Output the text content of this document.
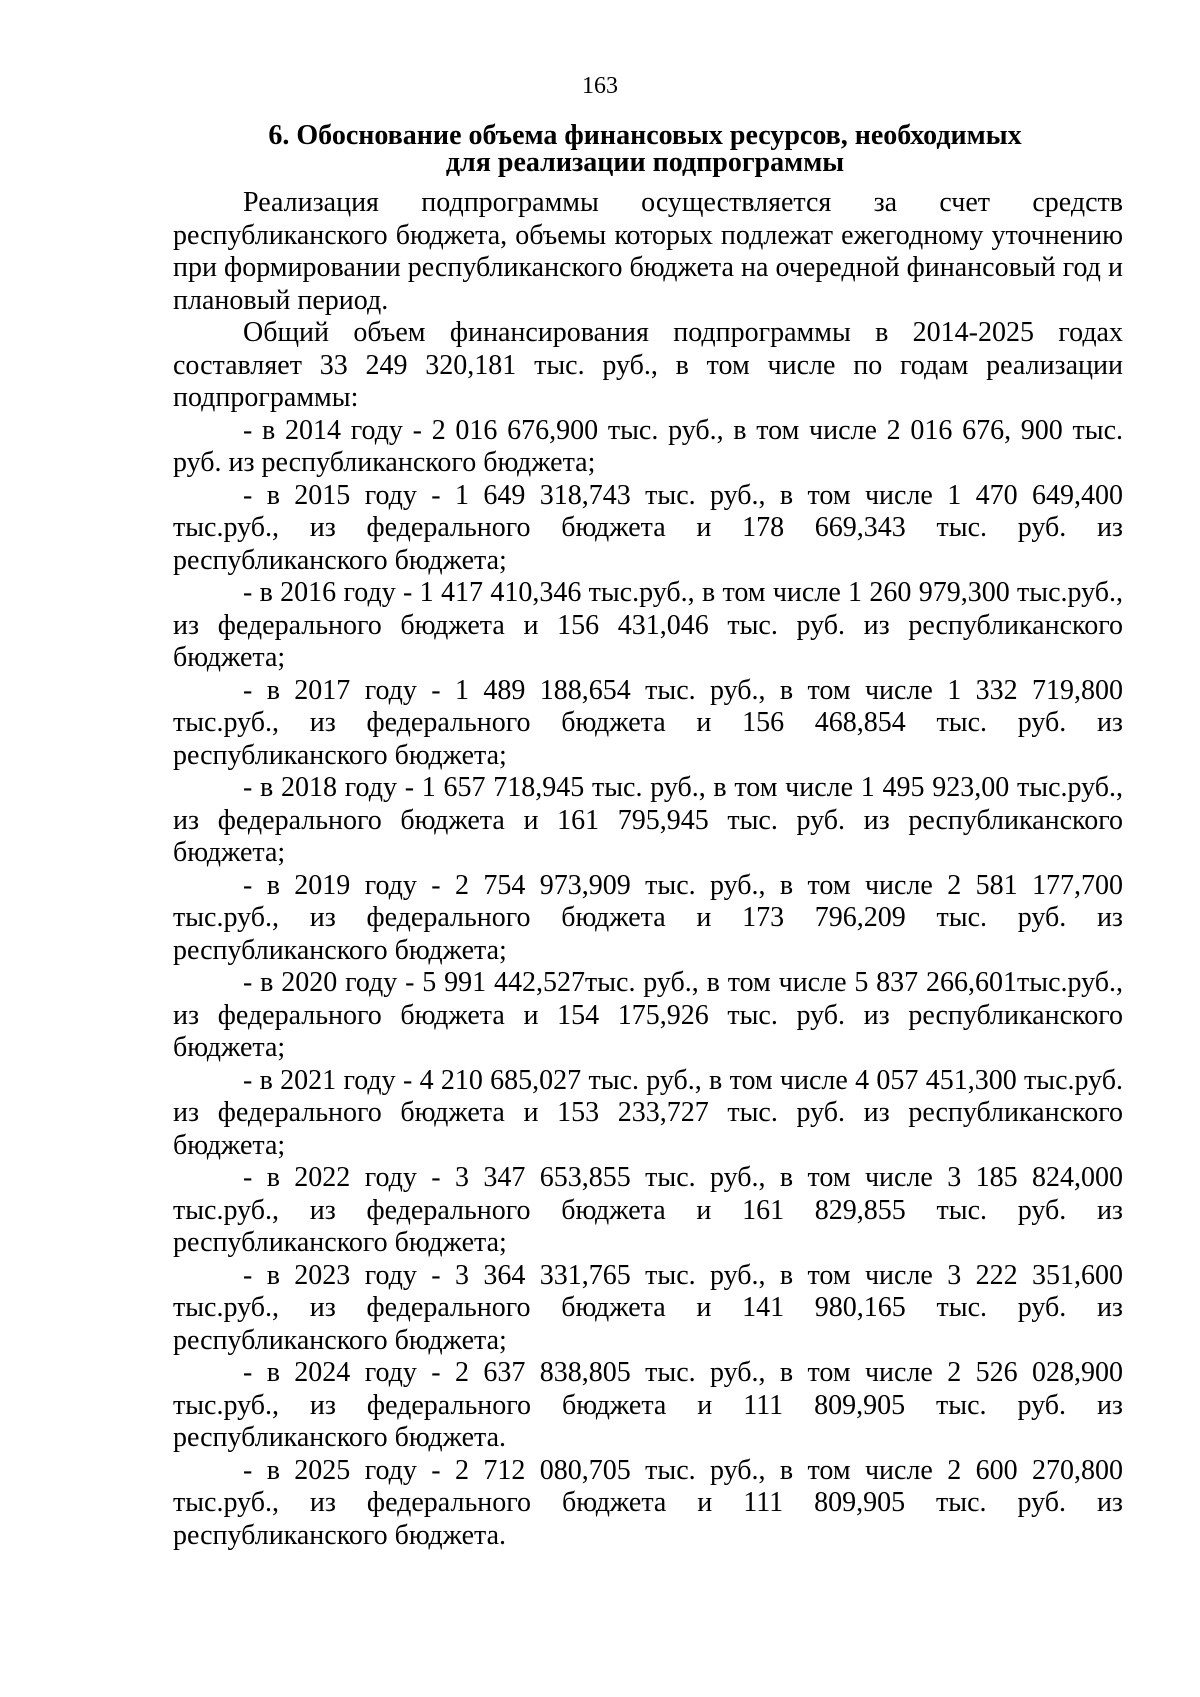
163
6. Обоснование объема финансовых ресурсов, необходимых
для реализации подпрограммы

Реализация подпрограммы осуществляется за счет средств республиканского бюджета, объемы которых подлежат ежегодному уточнению при формировании республиканского бюджета на очередной финансовый год и плановый период.

Общий объем финансирования подпрограммы в 2014-2025 годах составляет 33 249 320,181 тыс. руб., в том числе по годам реализации подпрограммы:

- в 2014 году - 2 016 676,900 тыс. руб., в том числе 2 016 676, 900 тыс. руб. из республиканского бюджета;

- в 2015 году - 1 649 318,743 тыс. руб., в том числе 1 470 649,400 тыс.руб., из федерального бюджета и 178 669,343 тыс. руб. из республиканского бюджета;

- в 2016 году - 1 417 410,346 тыс.руб., в том числе 1 260 979,300 тыс.руб., из федерального бюджета и 156 431,046 тыс. руб. из республиканского бюджета;

- в 2017 году - 1 489 188,654 тыс. руб., в том числе 1 332 719,800 тыс.руб., из федерального бюджета и 156 468,854 тыс. руб. из республиканского бюджета;

- в 2018 году - 1 657 718,945 тыс. руб., в том числе 1 495 923,00 тыс.руб., из федерального бюджета и 161 795,945 тыс. руб. из республиканского бюджета;

- в 2019 году - 2 754 973,909 тыс. руб., в том числе 2 581 177,700 тыс.руб., из федерального бюджета и 173 796,209 тыс. руб. из республиканского бюджета;

- в 2020 году - 5 991 442,527тыс. руб., в том числе 5 837 266,601тыс.руб., из федерального бюджета и 154 175,926 тыс. руб. из республиканского бюджета;

- в 2021 году - 4 210 685,027 тыс. руб., в том числе 4 057 451,300 тыс.руб. из федерального бюджета и 153 233,727 тыс. руб. из республиканского бюджета;

- в 2022 году - 3 347 653,855 тыс. руб., в том числе 3 185 824,000 тыс.руб., из федерального бюджета и 161 829,855 тыс. руб. из республиканского бюджета;

- в 2023 году - 3 364 331,765 тыс. руб., в том числе 3 222 351,600 тыс.руб., из федерального бюджета и 141 980,165 тыс. руб. из республиканского бюджета;

- в 2024 году - 2 637 838,805 тыс. руб., в том числе 2 526 028,900 тыс.руб., из федерального бюджета и 111 809,905 тыс. руб. из республиканского бюджета.

- в 2025 году - 2 712 080,705 тыс. руб., в том числе 2 600 270,800 тыс.руб., из федерального бюджета и 111 809,905 тыс. руб. из республиканского бюджета.
